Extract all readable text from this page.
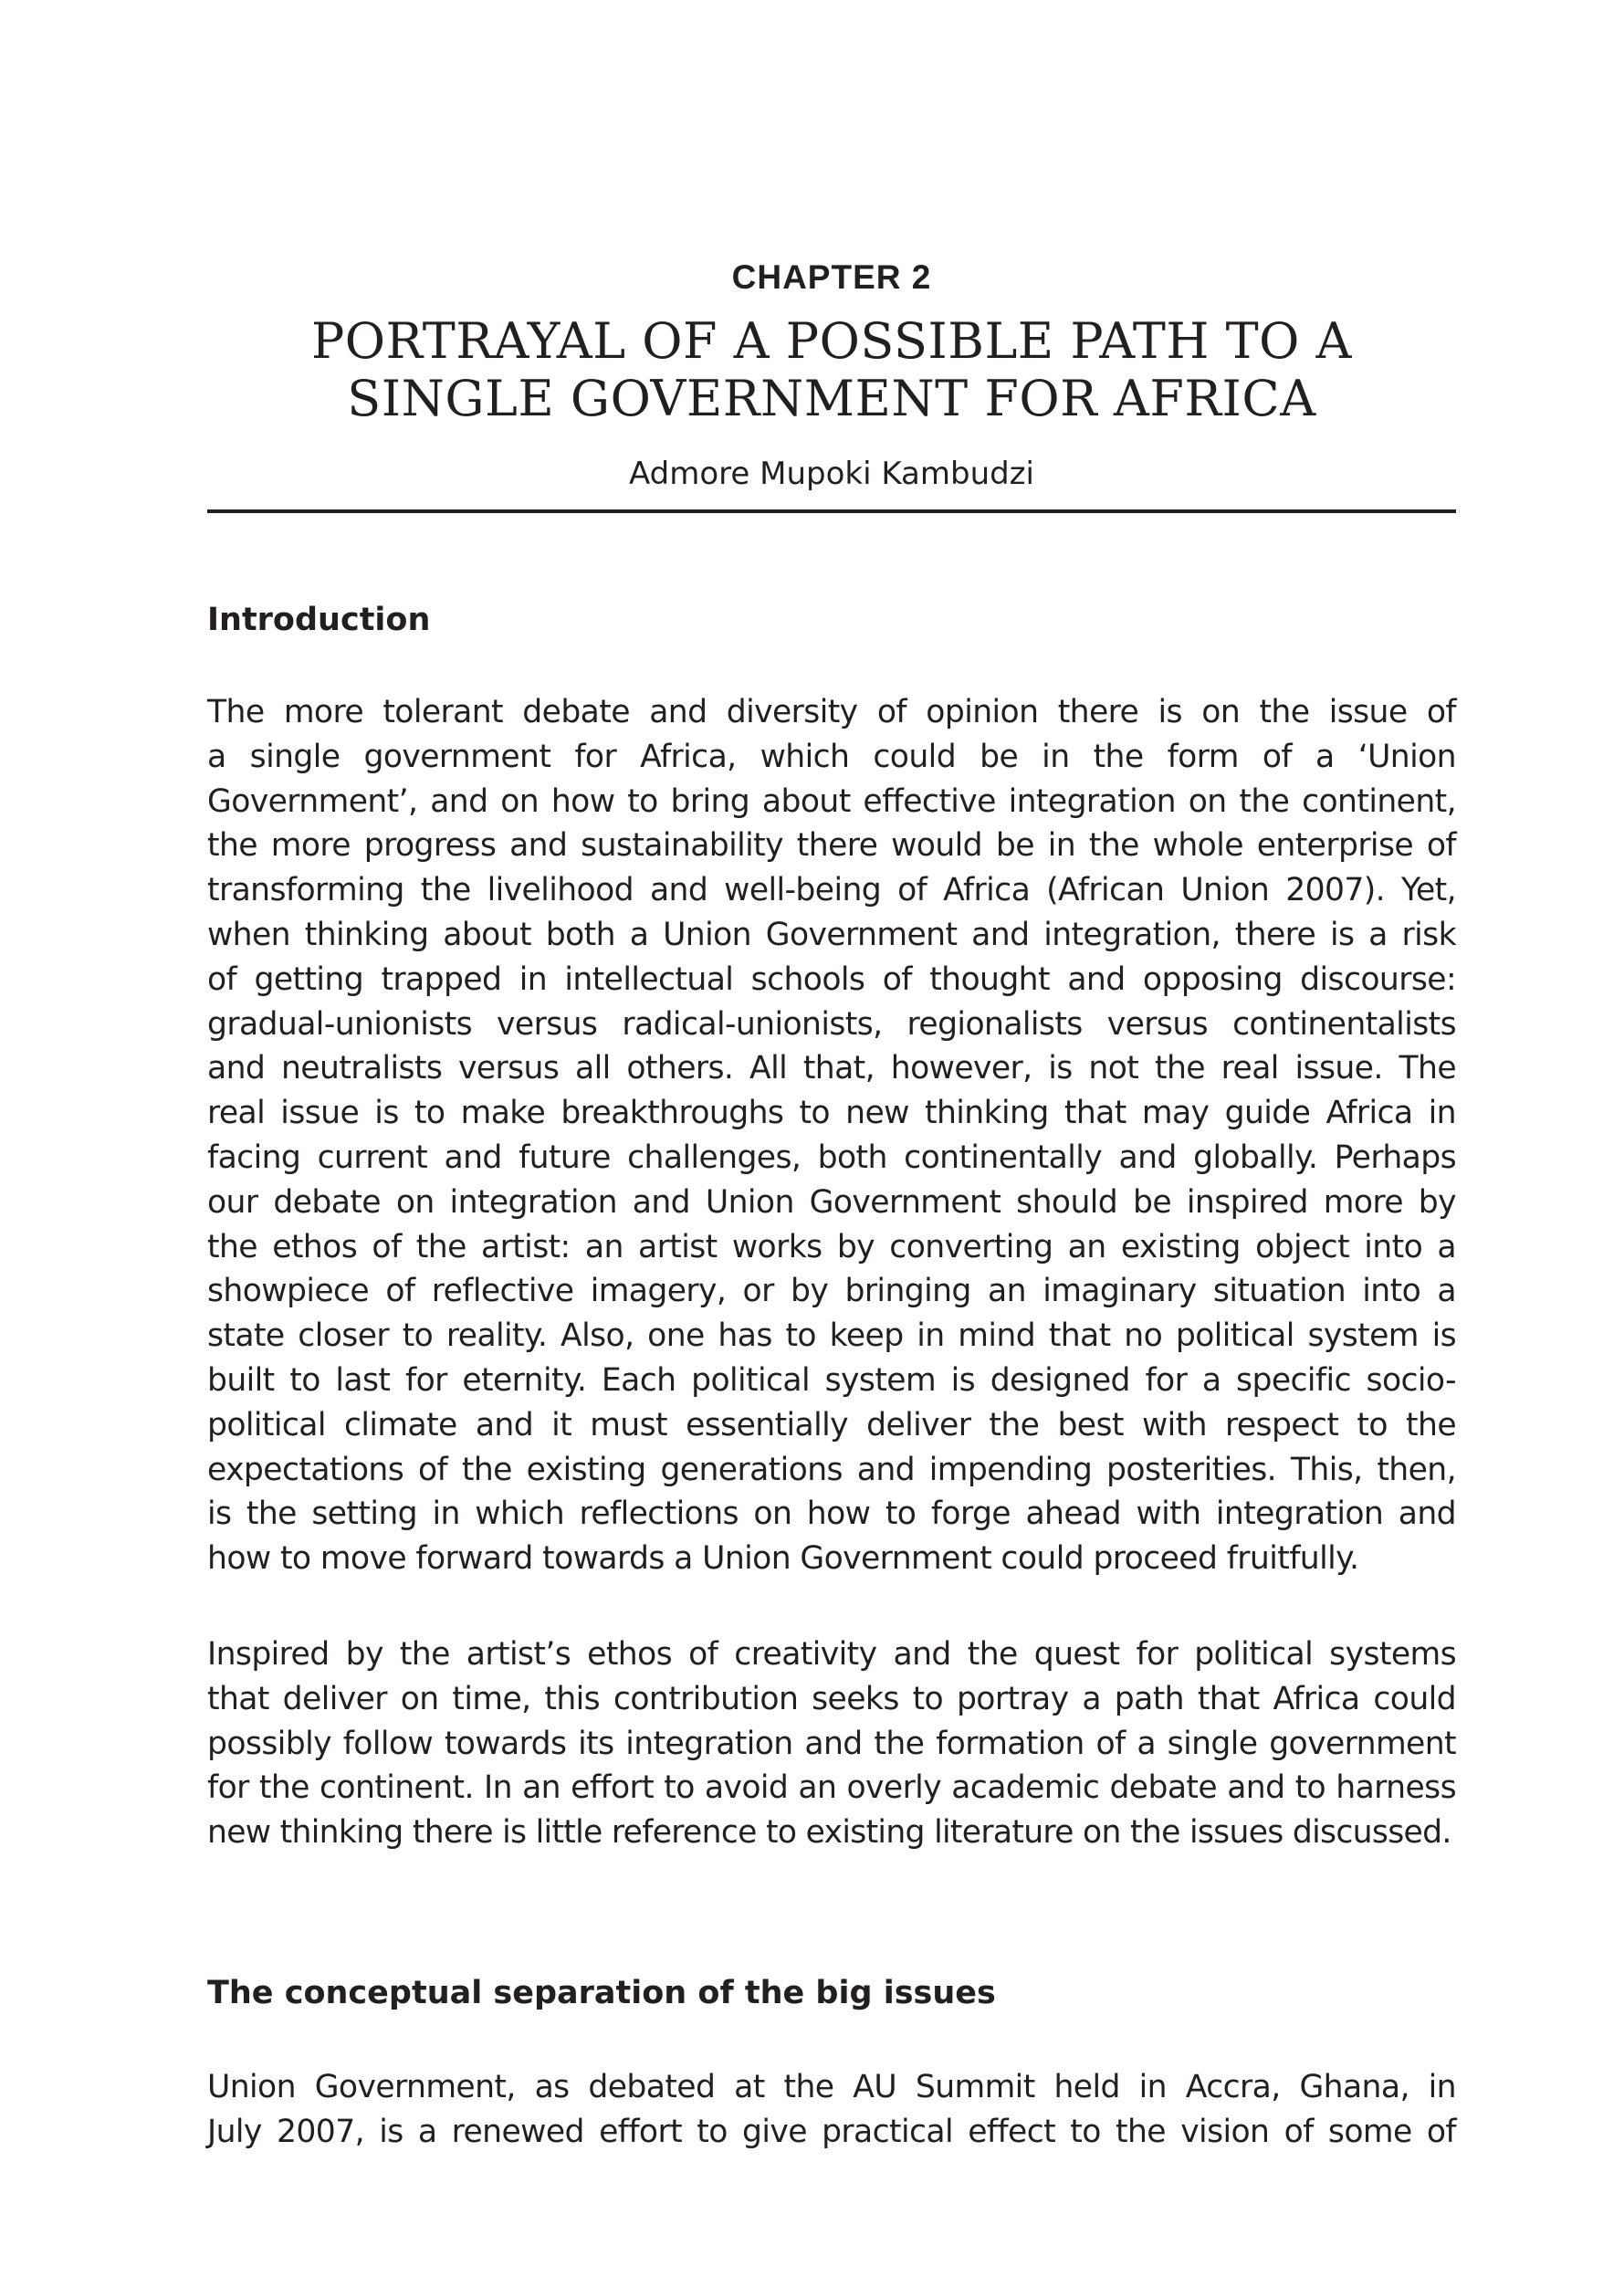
CHAPTER 2
PORTRAYAL OF A POSSIBLE PATH TO A
SINGLE GOVERNMENT FOR AFRICA
Admore Mupoki Kambudzi
Introduction

The more tolerant debate and diversity of opinion there is on the issue of
a single government for Africa, which could be in the form of a ‘Union
Government’, and on how to bring about effective integration on the continent,
the more progress and sustainability there would be in the whole enterprise of
transforming the livelihood and well-being of Africa (African Union 2007). Yet,
when thinking about both a Union Government and integration, there is a risk
of getting trapped in intellectual schools of thought and opposing discourse:
gradual-unionists versus radical-unionists, regionalists versus continentalists
and neutralists versus all others. All that, however, is not the real issue. The
real issue is to make breakthroughs to new thinking that may guide Africa in
facing current and future challenges, both continentally and globally. Perhaps
our debate on integration and Union Government should be inspired more by
the ethos of the artist: an artist works by converting an existing object into a
showpiece of reflective imagery, or by bringing an imaginary situation into a
state closer to reality. Also, one has to keep in mind that no political system is
built to last for eternity. Each political system is designed for a specific socio-
political climate and it must essentially deliver the best with respect to the
expectations of the existing generations and impending posterities. This, then,
is the setting in which reflections on how to forge ahead with integration and
how to move forward towards a Union Government could proceed fruitfully.

Inspired by the artist’s ethos of creativity and the quest for political systems
that deliver on time, this contribution seeks to portray a path that Africa could
possibly follow towards its integration and the formation of a single government
for the continent. In an effort to avoid an overly academic debate and to harness
new thinking there is little reference to existing literature on the issues discussed.

The conceptual separation of the big issues

Union Government, as debated at the AU Summit held in Accra, Ghana, in
July 2007, is a renewed effort to give practical effect to the vision of some of
